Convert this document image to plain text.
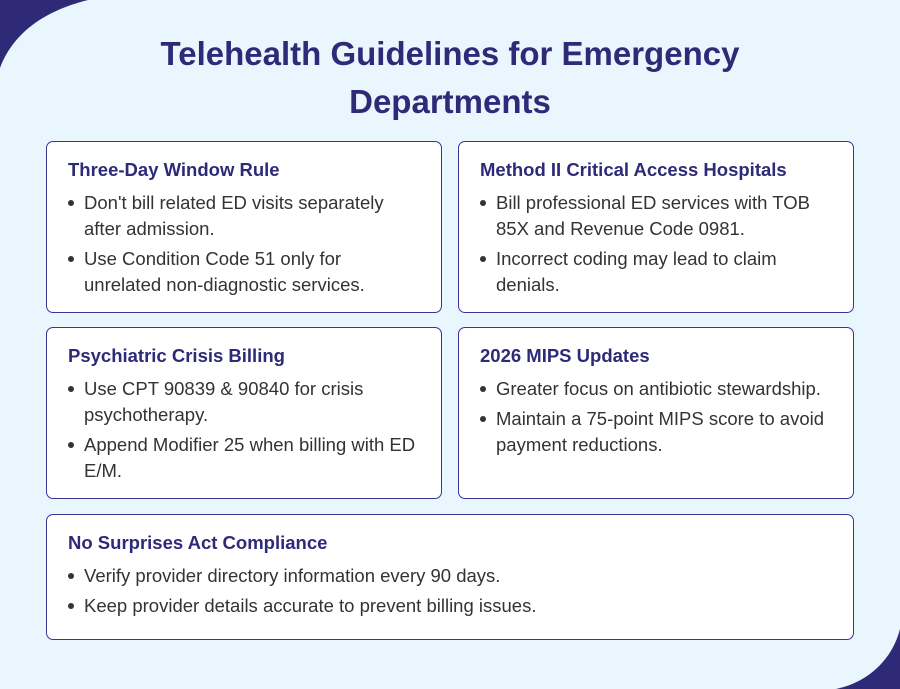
Telehealth Guidelines for Emergency Departments
Three-Day Window Rule
Don't bill related ED visits separately after admission.
Use Condition Code 51 only for unrelated non-diagnostic services.
Method II Critical Access Hospitals
Bill professional ED services with TOB 85X and Revenue Code 0981.
Incorrect coding may lead to claim denials.
Psychiatric Crisis Billing
Use CPT 90839 & 90840 for crisis psychotherapy.
Append Modifier 25 when billing with ED E/M.
2026 MIPS Updates
Greater focus on antibiotic stewardship.
Maintain a 75-point MIPS score to avoid payment reductions.
No Surprises Act Compliance
Verify provider directory information every 90 days.
Keep provider details accurate to prevent billing issues.
